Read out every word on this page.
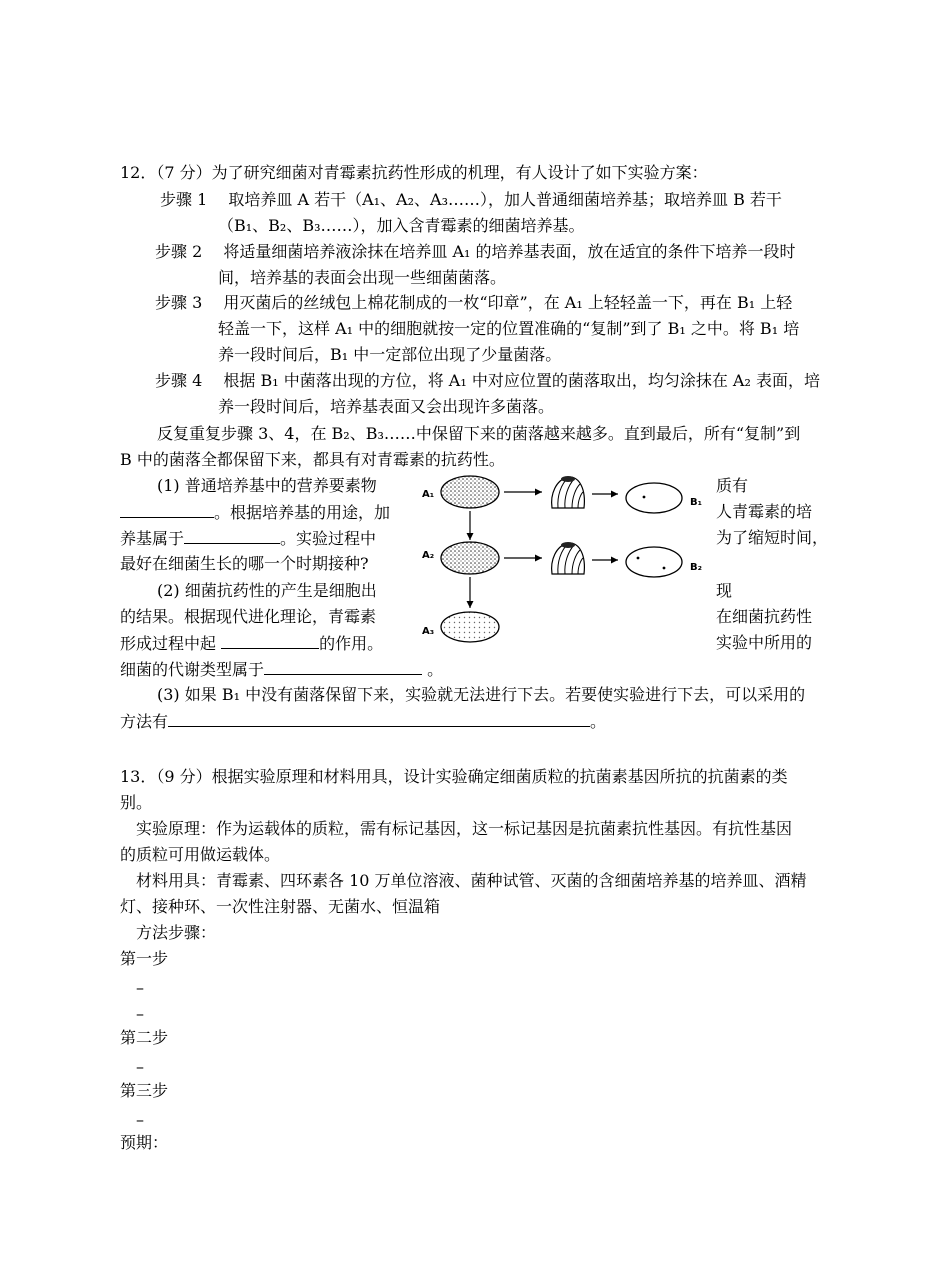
12．（7 分）为了研究细菌对青霉素抗药性形成的机理，有人设计了如下实验方案：
步骤 1　 取培养皿 A 若干（A₁、A₂、A₃……），加人普通细菌培养基；取培养皿 B 若干
（B₁、B₂、B₃……），加入含青霉素的细菌培养基。
步骤 2　 将适量细菌培养液涂抹在培养皿 A₁ 的培养基表面，放在适宜的条件下培养一段时
间，培养基的表面会出现一些细菌菌落。
步骤 3　 用灭菌后的丝绒包上棉花制成的一枚“印章”，在 A₁ 上轻轻盖一下，再在 B₁ 上轻
轻盖一下，这样 A₁ 中的细胞就按一定的位置准确的“复制”到了 B₁ 之中。将 B₁ 培
养一段时间后，B₁ 中一定部位出现了少量菌落。
步骤 4　 根据 B₁ 中菌落出现的方位，将 A₁ 中对应位置的菌落取出，均匀涂抹在 A₂ 表面，培
养一段时间后，培养基表面又会出现许多菌落。
反复重复步骤 3、4，在 B₂、B₃……中保留下来的菌落越来越多。直到最后，所有“复制”到
B 中的菌落全都保留下来，都具有对青霉素的抗药性。
(1) 普通培养基中的营养要素物	质有
。根据培养基的用途，加	人青霉素的培
养基属于	。实验过程中	为了缩短时间，
最好在细菌生长的哪一个时期接种?
(2) 细菌抗药性的产生是细胞出	现
的结果。根据现代进化理论，青霉素	在细菌抗药性
形成过程中起	的作用。	实验中所用的
细菌的代谢类型属于	。
(3) 如果 B₁ 中没有菌落保留下来，实验就无法进行下去。若要使实验进行下去，可以采用的
方法有	。
A₁
A₂
A₃
B₁
B₂
13．（9 分）根据实验原理和材料用具，设计实验确定细菌质粒的抗菌素基因所抗的抗菌素的类
别。
实验原理：作为运载体的质粒，需有标记基因，这一标记基因是抗菌素抗性基因。有抗性基因
的质粒可用做运载体。
材料用具：青霉素、四环素各 10 万单位溶液、菌种试管、灭菌的含细菌培养基的培养皿、酒精
灯、接种环、一次性注射器、无菌水、恒温箱
方法步骤：
第一步
–
–
第二步
–
第三步
–
预期：
